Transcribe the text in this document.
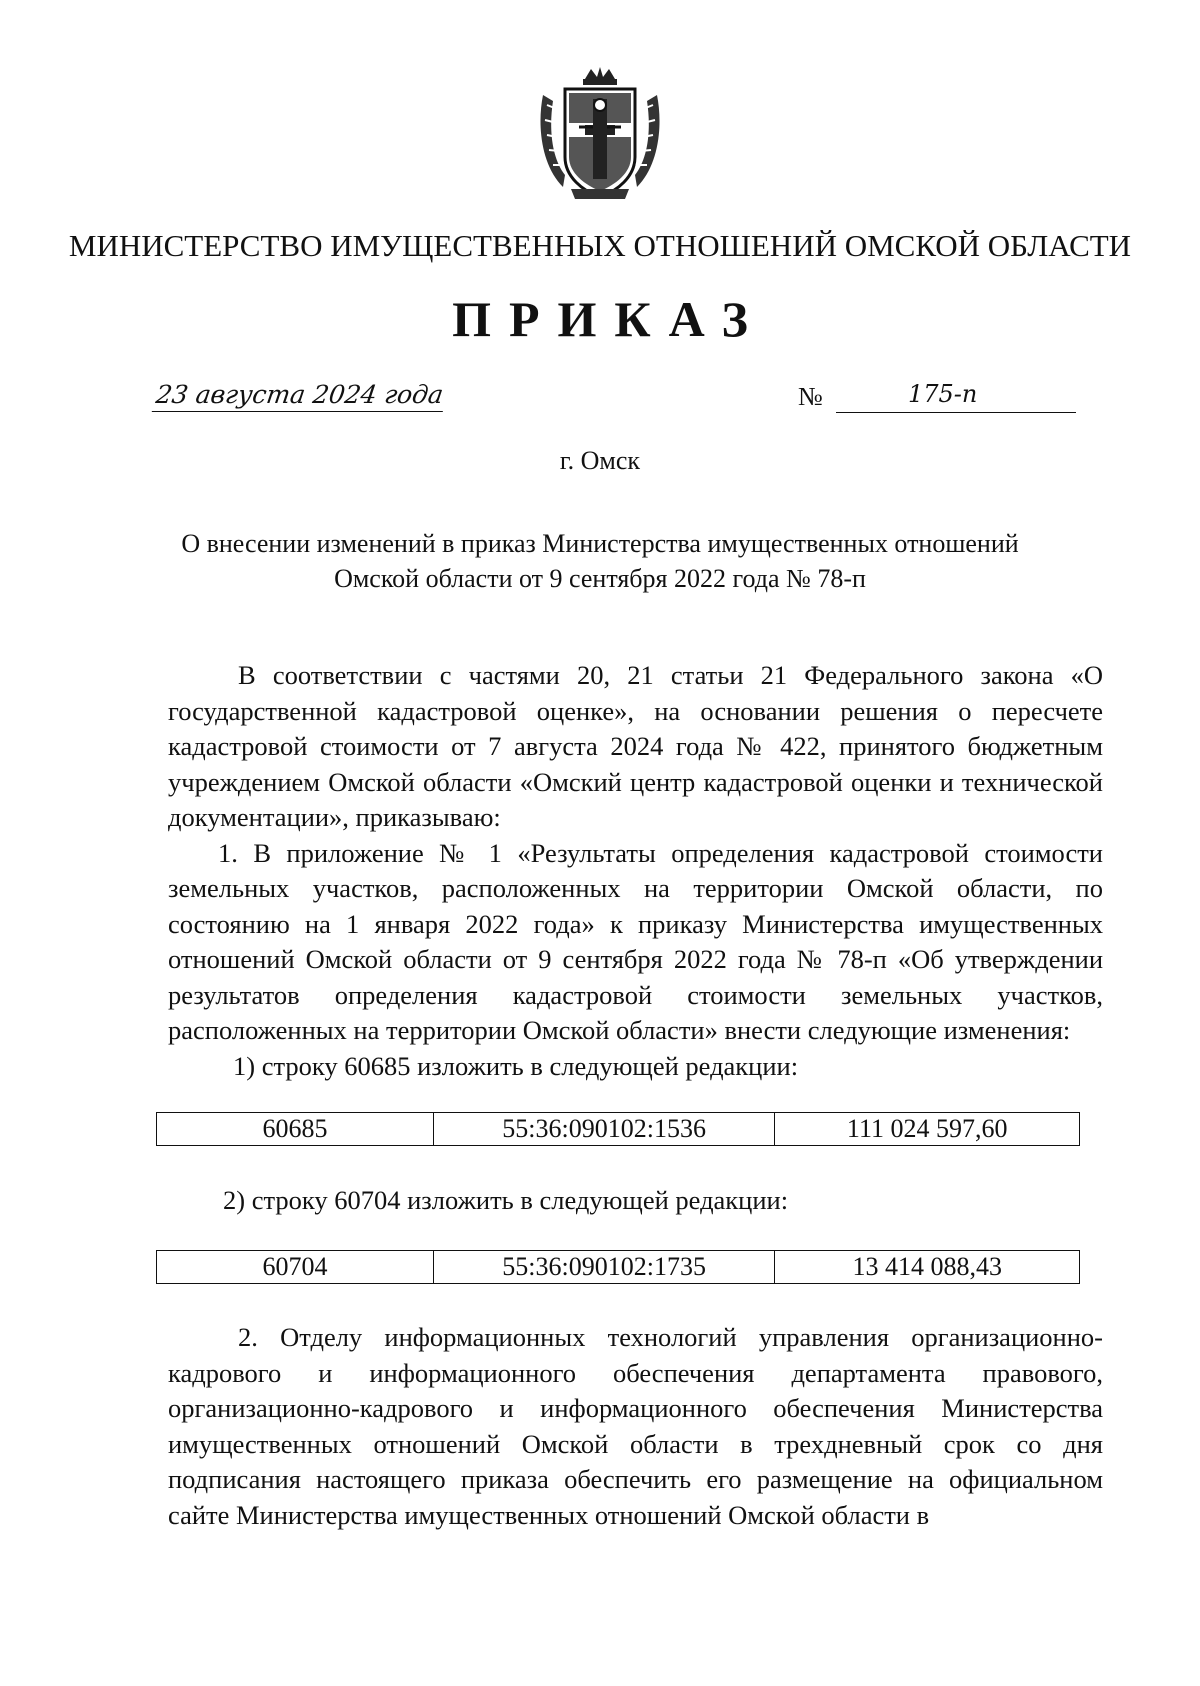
МИНИСТЕРСТВО ИМУЩЕСТВЕННЫХ ОТНОШЕНИЙ ОМСКОЙ ОБЛАСТИ
ПРИКАЗ
23 августа 2024 года	№	175-п
г. Омск
О внесении изменений в приказ Министерства имущественных отношений
Омской области от 9 сентября 2022 года № 78-п

В соответствии с частями 20, 21 статьи 21 Федерального закона «О государственной кадастровой оценке», на основании решения о пересчете кадастровой стоимости от 7 августа 2024 года № 422, принятого бюджетным учреждением Омской области «Омский центр кадастровой оценки и технической документации», приказываю:

1. В приложение № 1 «Результаты определения кадастровой стоимости земельных участков, расположенных на территории Омской области, по состоянию на 1 января 2022 года» к приказу Министерства имущественных отношений Омской области от 9 сентября 2022 года № 78-п «Об утверждении результатов определения кадастровой стоимости земельных участков, расположенных на территории Омской области» внести следующие изменения:

1) строку 60685 изложить в следующей редакции:

60685	55:36:090102:1536	111 024 597,60
2) строку 60704 изложить в следующей редакции:
60704	55:36:090102:1735	13 414 088,43

2. Отделу информационных технологий управления организационно-кадрового и информационного обеспечения департамента правового, организационно-кадрового и информационного обеспечения Министерства имущественных отношений Омской области в трехдневный срок со дня подписания настоящего приказа обеспечить его размещение на официальном сайте Министерства имущественных отношений Омской области в
